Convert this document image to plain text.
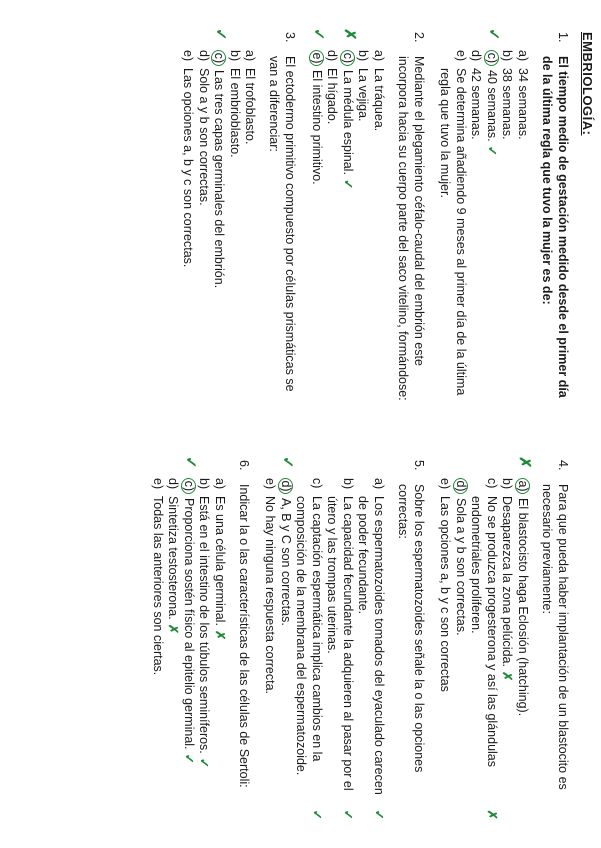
EMBRIOLOGÍA:
1.
El tiempo medio de gestación medido desde el primer día de la última regla que tuvo la mujer es de:
a)
34 semanas.
b)
38 semanas.
✓
c)
40 semanas.
✓
d)
42 semanas.
e)
Se determina añadiendo 9 meses al primer día de la última regla que tuvo la mujer.
2.
Mediante el plegamiento céfalo-caudal del embrión este incorpora hacia su cuerpo parte del saco vitelino, formándose:
a)
La tráquea.
b)
La vejiga.
✗
c)
La médula espinal.
✓
d)
El hígado.
✓
e)
El intestino primitivo.
3.
El ectodermo primitivo compuesto por células prismáticas se van a diferenciar:
a)
El trofoblasto.
b)
El embrioblasto.
✓
c)
Las tres capas germinales del embrión.
d)
Solo a y b son correctas.
e)
Las opciones a, b y c son correctas.
4.
Para que pueda haber implantación de un blastocito es necesario previamente:
✗
a)
El blastocisto haga Eclosión (hatching).
b)
Desaparezca la zona pelúcida.
✗
c)
No se produzca progesterona y así las glándulas endometriales proliferen.
✗
d)
Sola a y b son correctas.
e)
Las opciones a, b y c son correctas
5.
Sobre los espermatozoides señale la o las opciones correctas:
a)
Los espermatozoides tomados del eyaculado carecen de poder fecundante.
✓
b)
La capacidad fecundante la adquieren al pasar por el útero y las trompas uterinas.
✓
c)
La captación espermática implica cambios en la composición de la membrana del espermatozoide.
✓
✓
d)
A, B y C son correctas.
e)
No hay ninguna respuesta correcta.
6.
Indicar la o las características de las células de Sertoli:
a)
Es una célula germinal.
✗
b)
Está en el intestino de los túbulos seminíferos.
✓
✓
c)
Proporciona sostén físico al epitelio germinal.
✓
d)
Sintetiza testosterona.
✗
e)
Todas las anteriores son ciertas.
